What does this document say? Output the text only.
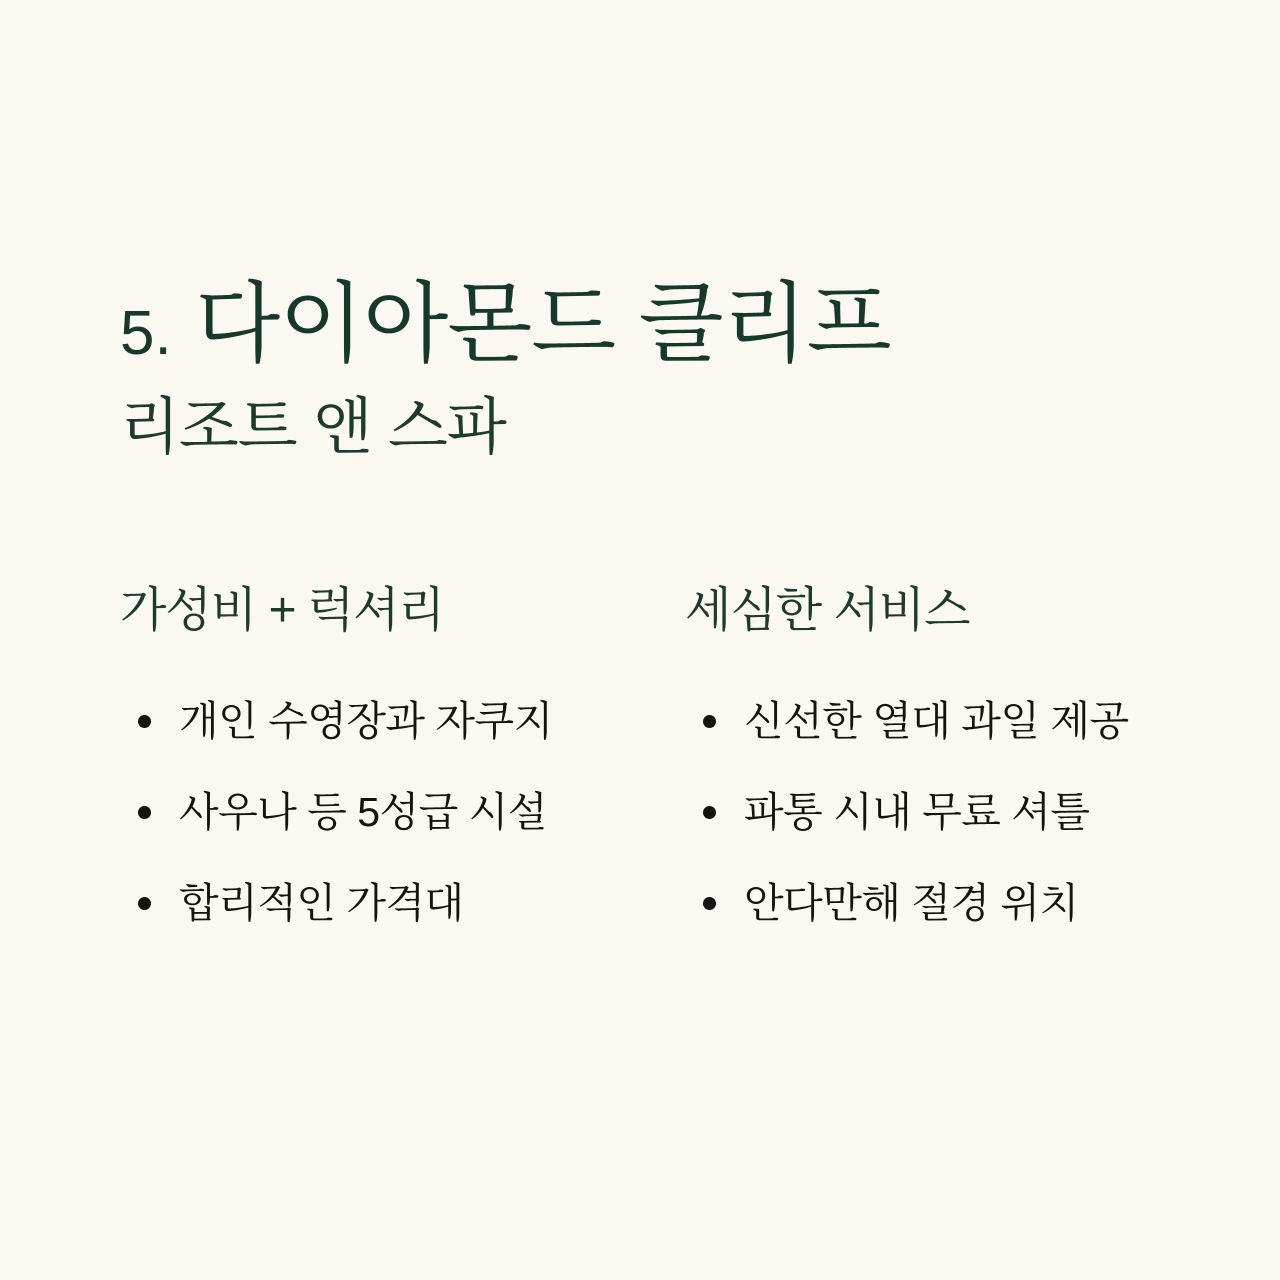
5. 다이아몬드 클리프
리조트 앤 스파
가성비 + 럭셔리
개인 수영장과 자쿠지
사우나 등 5성급 시설
합리적인 가격대
세심한 서비스
신선한 열대 과일 제공
파통 시내 무료 셔틀
안다만해 절경 위치
